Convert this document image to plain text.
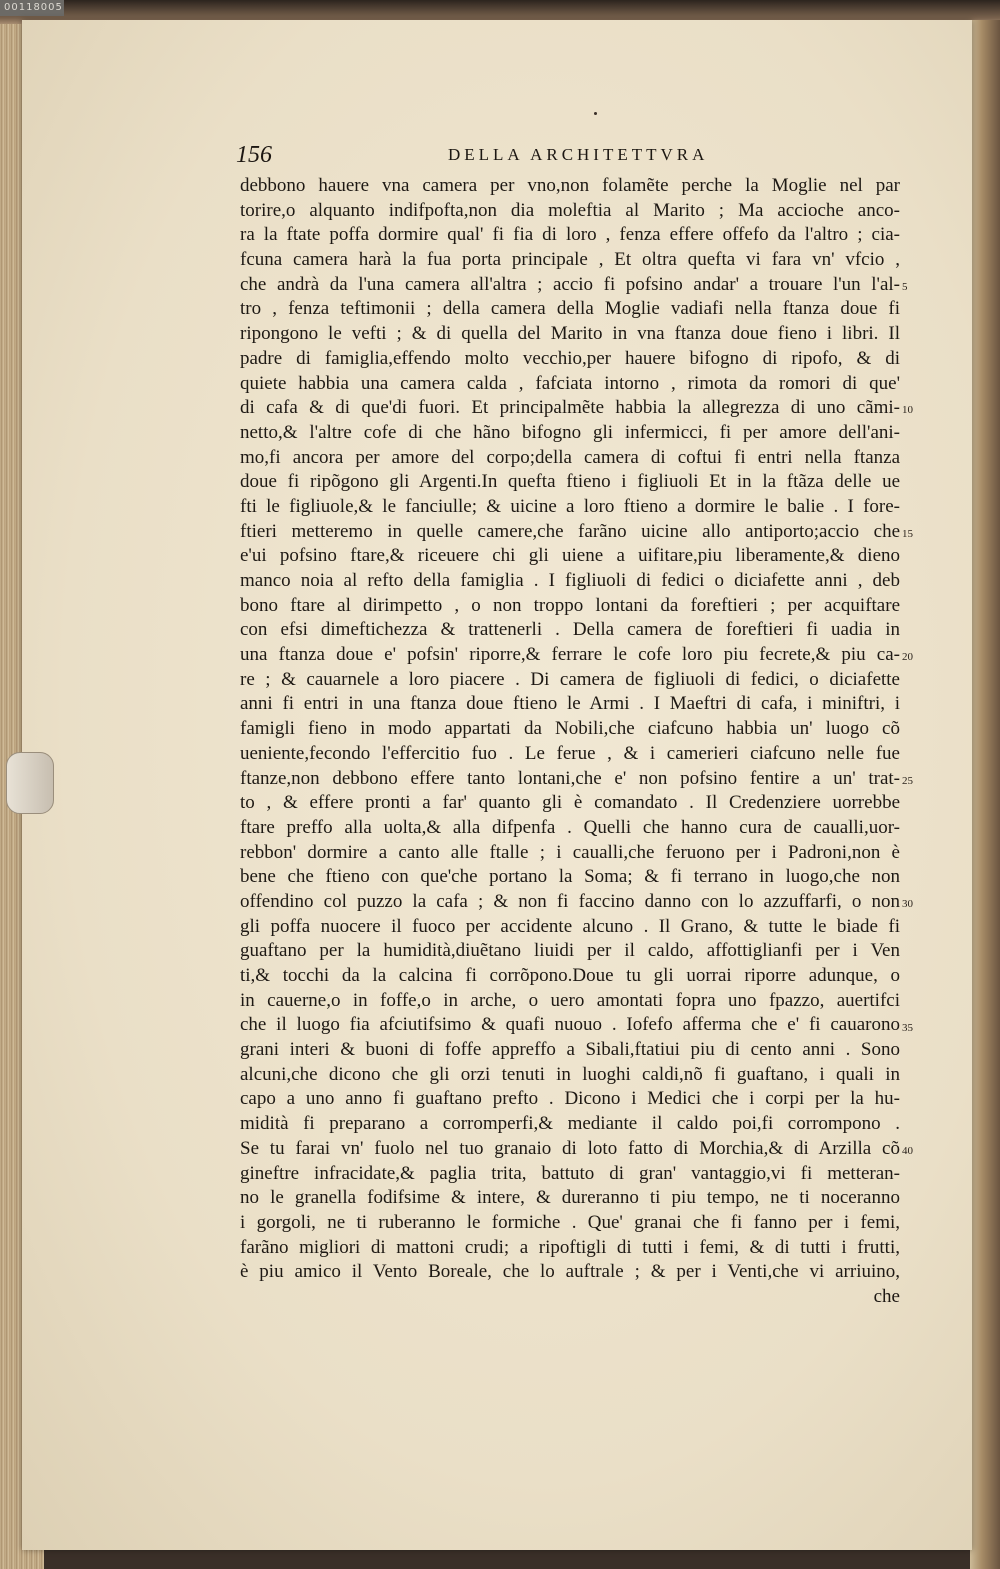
00118005
156	DELLA ARCHITETTVRA
debbono hauere vna camera per vno,non folamẽte perche la Moglie nel par
torire,o alquanto indifpofta,non dia moleftia al Marito ; Ma accioche anco-
ra la ftate poffa dormire qual' fi fia di loro , fenza effere offefo da l'altro ; cia-
fcuna camera harà la fua porta principale , Et oltra quefta vi fara vn' vfcio ,
che andrà da l'una camera all'altra ; accio fi pofsino andar' a trouare l'un l'al-
tro , fenza teftimonii ; della camera della Moglie vadiafi nella ftanza doue fi
ripongono le vefti ; & di quella del Marito in vna ftanza doue fieno i libri. Il
padre di famiglia,effendo molto vecchio,per hauere bifogno di ripofo, & di
quiete habbia una camera calda , fafciata intorno , rimota da romori di que'
di cafa & di que'di fuori. Et principalmẽte habbia la allegrezza di uno cãmi-
netto,& l'altre cofe di che hãno bifogno gli infermicci, fi per amore dell'ani-
mo,fi ancora per amore del corpo;della camera di coftui fi entri nella ftanza
doue fi ripõgono gli Argenti.In quefta ftieno i figliuoli Et in la ftãza delle ue
fti le figliuole,& le fanciulle; & uicine a loro ftieno a dormire le balie . I fore-
ftieri metteremo in quelle camere,che farãno uicine allo antiporto;accio che
e'ui pofsino ftare,& riceuere chi gli uiene a uifitare,piu liberamente,& dieno
manco noia al refto della famiglia . I figliuoli di fedici o diciafette anni , deb
bono ftare al dirimpetto , o non troppo lontani da foreftieri ; per acquiftare
con efsi dimeftichezza & trattenerli . Della camera de foreftieri fi uadia in
una ftanza doue e' pofsin' riporre,& ferrare le cofe loro piu fecrete,& piu ca-
re ; & cauarnele a loro piacere . Di camera de figliuoli di fedici, o diciafette
anni fi entri in una ftanza doue ftieno le Armi . I Maeftri di cafa, i miniftri, i
famigli fieno in modo appartati da Nobili,che ciafcuno habbia un' luogo cõ
ueniente,fecondo l'effercitio fuo . Le ferue , & i camerieri ciafcuno nelle fue
ftanze,non debbono effere tanto lontani,che e' non pofsino fentire a un' trat-
to , & effere pronti a far' quanto gli è comandato . Il Credenziere uorrebbe
ftare preffo alla uolta,& alla difpenfa . Quelli che hanno cura de caualli,uor-
rebbon' dormire a canto alle ftalle ; i caualli,che feruono per i Padroni,non è
bene che ftieno con que'che portano la Soma; & fi terrano in luogo,che non
offendino col puzzo la cafa ; & non fi faccino danno con lo azzuffarfi, o non
gli poffa nuocere il fuoco per accidente alcuno . Il Grano, & tutte le biade fi
guaftano per la humidità,diuẽtano liuidi per il caldo, affottiglianfi per i Ven
ti,& tocchi da la calcina fi corrõpono.Doue tu gli uorrai riporre adunque, o
in cauerne,o in foffe,o in arche, o uero amontati fopra uno fpazzo, auertifci
che il luogo fia afciutifsimo & quafi nuouo . Iofefo afferma che e' fi cauarono
grani interi & buoni di foffe appreffo a Sibali,ftatiui piu di cento anni . Sono
alcuni,che dicono che gli orzi tenuti in luoghi caldi,nõ fi guaftano, i quali in
capo a uno anno fi guaftano prefto . Dicono i Medici che i corpi per la hu-
midità fi preparano a corromperfi,& mediante il caldo poi,fi corrompono .
Se tu farai vn' fuolo nel tuo granaio di loto fatto di Morchia,& di Arzilla cõ
gineftre infracidate,& paglia trita, battuto di gran' vantaggio,vi fi metteran-
no le granella fodifsime & intere, & dureranno ti piu tempo, ne ti noceranno
i gorgoli, ne ti ruberanno le formiche . Que' granai che fi fanno per i femi,
farãno migliori di mattoni crudi; a ripoftigli di tutti i femi, & di tutti i frutti,
è piu amico il Vento Boreale, che lo auftrale ; & per i Venti,che vi arriuino,
che
5
10
15
20
25
30
35
40
